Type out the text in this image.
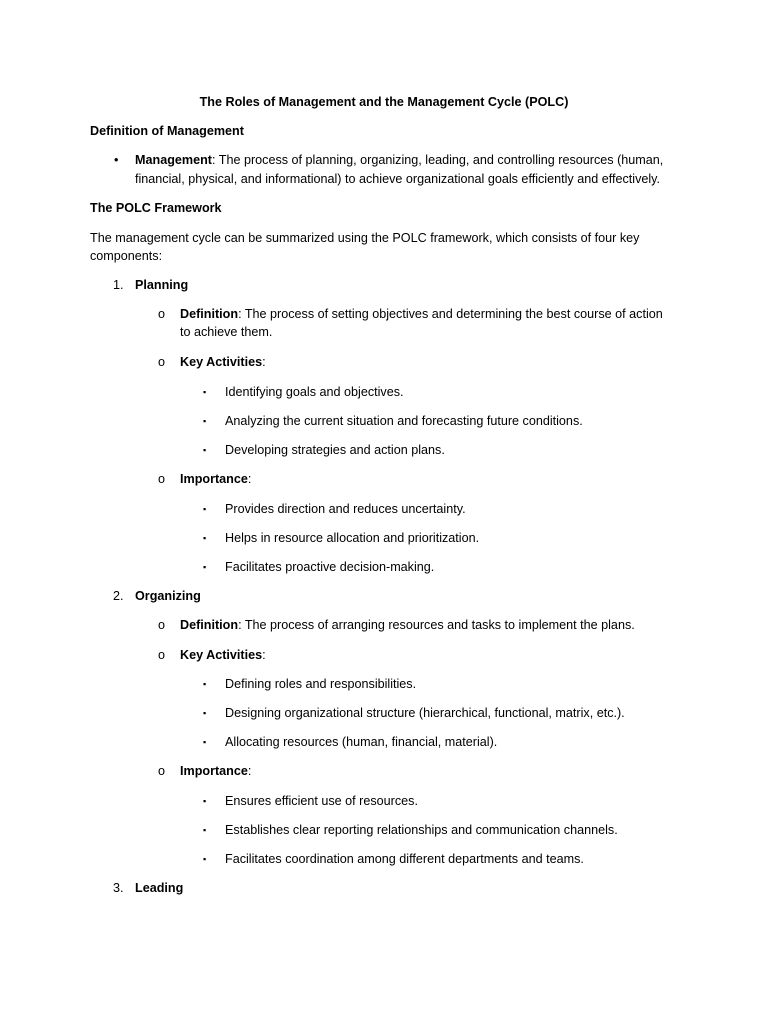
The Roles of Management and the Management Cycle (POLC)
Definition of Management
• Management: The process of planning, organizing, leading, and controlling resources (human,
financial, physical, and informational) to achieve organizational goals efficiently and effectively.
The POLC Framework
The management cycle can be summarized using the POLC framework, which consists of four key
components:
1. Planning
o Definition: The process of setting objectives and determining the best course of action
to achieve them.
o Key Activities:
▪ Identifying goals and objectives.
▪ Analyzing the current situation and forecasting future conditions.
▪ Developing strategies and action plans.
o Importance:
▪ Provides direction and reduces uncertainty.
▪ Helps in resource allocation and prioritization.
▪ Facilitates proactive decision-making.
2. Organizing
o Definition: The process of arranging resources and tasks to implement the plans.
o Key Activities:
▪ Defining roles and responsibilities.
▪ Designing organizational structure (hierarchical, functional, matrix, etc.).
▪ Allocating resources (human, financial, material).
o Importance:
▪ Ensures efficient use of resources.
▪ Establishes clear reporting relationships and communication channels.
▪ Facilitates coordination among different departments and teams.
3. Leading
